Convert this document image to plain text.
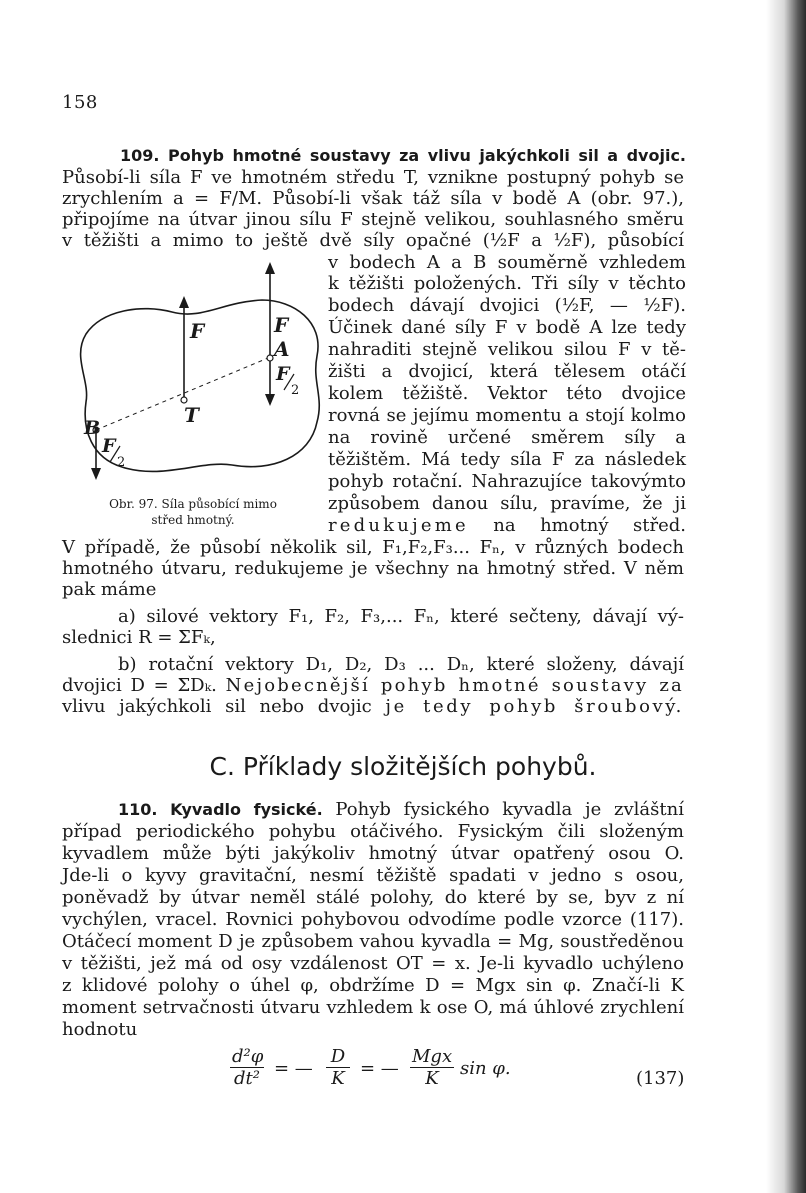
158
109. Pohyb hmotné soustavy za vlivu jakýchkoli sil a dvojic.
Působí-li síla F ve hmotném středu T, vznikne postupný pohyb se
zrychlením a = F/M. Působí-li však táž síla v bodě A (obr. 97.),
připojíme na útvar jinou sílu F stejně velikou, souhlasného směru
v těžišti a mimo to ještě dvě síly opačné (½F a ½F), působící
v bodech A a B souměrně vzhledem
k těžišti položených. Tři síly v těchto
bodech dávají dvojici (½F, — ½F).
Účinek dané síly F v bodě A lze tedy
nahraditi stejně velikou silou F v tě-
žišti a dvojicí, která tělesem otáčí
kolem těžiště. Vektor této dvojice
rovná se jejímu momentu a stojí kolmo
na rovině určené směrem síly a
těžištěm. Má tedy síla F za následek
pohyb rotační. Nahrazujíce takovýmto
způsobem danou sílu, pravíme, že ji
redukujeme na hmotný střed.
F
T
F
A
F
2
B
F
2
Obr. 97. Síla působící mimo
střed hmotný.
V případě, že působí několik sil, F₁,F₂,F₃... Fₙ, v různých bodech
hmotného útvaru, redukujeme je všechny na hmotný střed. V něm
pak máme
a) silové vektory F₁, F₂, F₃,... Fₙ, které sečteny, dávají vý-
slednici R = ΣFₖ,
b) rotační vektory D₁, D₂, D₃ ... Dₙ, které složeny, dávají
dvojici D = ΣDₖ. Nejobecnější pohyb hmotné soustavy za
vlivu jakýchkoli sil nebo dvojic je tedy pohyb šroubový.
C. Příklady složitějších pohybů.
110. Kyvadlo fysické. Pohyb fysického kyvadla je zvláštní
případ periodického pohybu otáčivého. Fysickým čili složeným
kyvadlem může býti jakýkoliv hmotný útvar opatřený osou O.
Jde-li o kyvy gravitační, nesmí těžiště spadati v jedno s osou,
poněvadž by útvar neměl stálé polohy, do které by se, byv z ní
vychýlen, vracel. Rovnici pohybovou odvodíme podle vzorce (117).
Otáčecí moment D je způsobem vahou kyvadla = Mg, soustředěnou
v těžišti, jež má od osy vzdálenost OT = x. Je-li kyvadlo uchýleno
z klidové polohy o úhel φ, obdržíme D = Mgx sin φ. Značí-li K
moment setrvačnosti útvaru vzhledem k ose O, má úhlové zrychlení
hodnotu
$\frac{\text{d²φ}}{\text{dt²}}$ = — $\frac{D}{K}$ = —
Mgx
K	sin φ.	(137)
